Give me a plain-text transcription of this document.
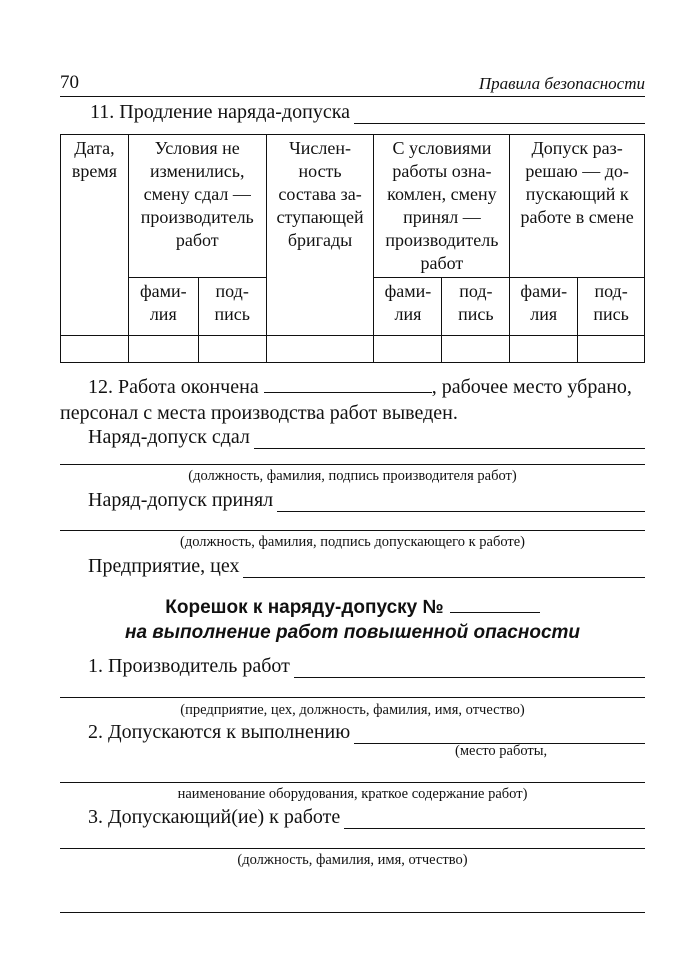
70	Правила безопасности
11. Продление наряда-допуска
Дата, время	Условия не изменились, смену сдал — производитель работ		Числен-ность состава за-ступающей бригады	С условиями работы озна-комлен, смену принял — производитель работ		Допуск раз-решаю — до-пускающий к работе в смене	
	фами-лия	под-пись		фами-лия	под-пись	фами-лия	под-пись

12. Работа окончена	, рабочее место убрано, персонал с места производства работ выведен.
Наряд-допуск сдал
(должность, фамилия, подпись производителя работ)
Наряд-допуск принял
(должность, фамилия, подпись допускающего к работе)
Предприятие, цех
Корешок к наряду-допуску №
на выполнение работ повышенной опасности
1. Производитель работ
(предприятие, цех, должность, фамилия, имя, отчество)
2. Допускаются к выполнению
(место работы,
наименование оборудования, краткое содержание работ)
3. Допускающий(ие) к работе
(должность, фамилия, имя, отчество)
